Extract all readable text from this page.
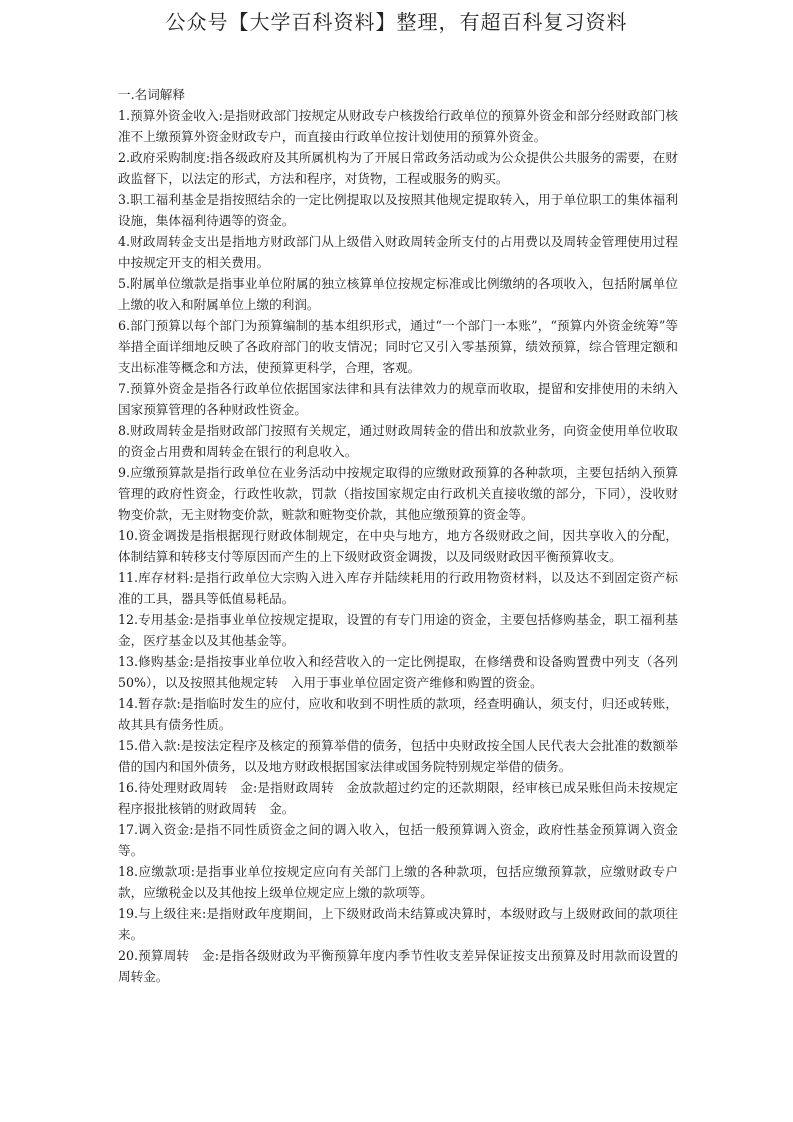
公众号【大学百科资料】整理，有超百科复习资料

一.名词解释

1.预算外资金收入:是指财政部门按规定从财政专户核拨给行政单位的预算外资金和部分经财政部门核准不上缴预算外资金财政专户，而直接由行政单位按计划使用的预算外资金。

2.政府采购制度:指各级政府及其所属机构为了开展日常政务活动或为公众提供公共服务的需要，在财政监督下，以法定的形式，方法和程序，对货物，工程或服务的购买。

3.职工福利基金是指按照结余的一定比例提取以及按照其他规定提取转入，用于单位职工的集体福利设施，集体福利待遇等的资金。

4.财政周转金支出是指地方财政部门从上级借入财政周转金所支付的占用费以及周转金管理使用过程中按规定开支的相关费用。

5.附属单位缴款是指事业单位附属的独立核算单位按规定标准或比例缴纳的各项收入，包括附属单位上缴的收入和附属单位上缴的利润。

6.部门预算以每个部门为预算编制的基本组织形式，通过“一个部门一本账”，“预算内外资金统筹”等举措全面详细地反映了各政府部门的收支情况；同时它又引入零基预算，绩效预算，综合管理定额和支出标准等概念和方法，使预算更科学，合理，客观。

7.预算外资金是指各行政单位依据国家法律和具有法律效力的规章而收取，提留和安排使用的未纳入国家预算管理的各种财政性资金。

8.财政周转金是指财政部门按照有关规定，通过财政周转金的借出和放款业务，向资金使用单位收取的资金占用费和周转金在银行的利息收入。

9.应缴预算款是指行政单位在业务活动中按规定取得的应缴财政预算的各种款项，主要包括纳入预算管理的政府性资金，行政性收款，罚款（指按国家规定由行政机关直接收缴的部分，下同），没收财物变价款，无主财物变价款，赃款和赃物变价款，其他应缴预算的资金等。

10.资金调拨是指根据现行财政体制规定，在中央与地方，地方各级财政之间，因共享收入的分配，体制结算和转移支付等原因而产生的上下级财政资金调拨，以及同级财政因平衡预算收支。

11.库存材料:是指行政单位大宗购入进入库存并陆续耗用的行政用物资材料，以及达不到固定资产标准的工具，器具等低值易耗品。

12.专用基金:是指事业单位按规定提取，设置的有专门用途的资金，主要包括修购基金，职工福利基金，医疗基金以及其他基金等。

13.修购基金:是指按事业单位收入和经营收入的一定比例提取，在修缮费和设备购置费中列支（各列 50%），以及按照其他规定转　入用于事业单位固定资产维修和购置的资金。

14.暂存款:是指临时发生的应付，应收和收到不明性质的款项，经查明确认，须支付，归还或转账，故其具有债务性质。

15.借入款:是按法定程序及核定的预算举借的债务，包括中央财政按全国人民代表大会批准的数额举借的国内和国外债务，以及地方财政根据国家法律或国务院特别规定举借的债务。

16.待处理财政周转　金:是指财政周转　金放款超过约定的还款期限，经审核已成呆账但尚未按规定程序报批核销的财政周转　金。

17.调入资金:是指不同性质资金之间的调入收入，包括一般预算调入资金，政府性基金预算调入资金等。

18.应缴款项:是指事业单位按规定应向有关部门上缴的各种款项，包括应缴预算款，应缴财政专户款，应缴税金以及其他按上级单位规定应上缴的款项等。

19.与上级往来:是指财政年度期间，上下级财政尚未结算或决算时，本级财政与上级财政间的款项往来。

20.预算周转　金:是指各级财政为平衡预算年度内季节性收支差异保证按支出预算及时用款而设置的周转金。
